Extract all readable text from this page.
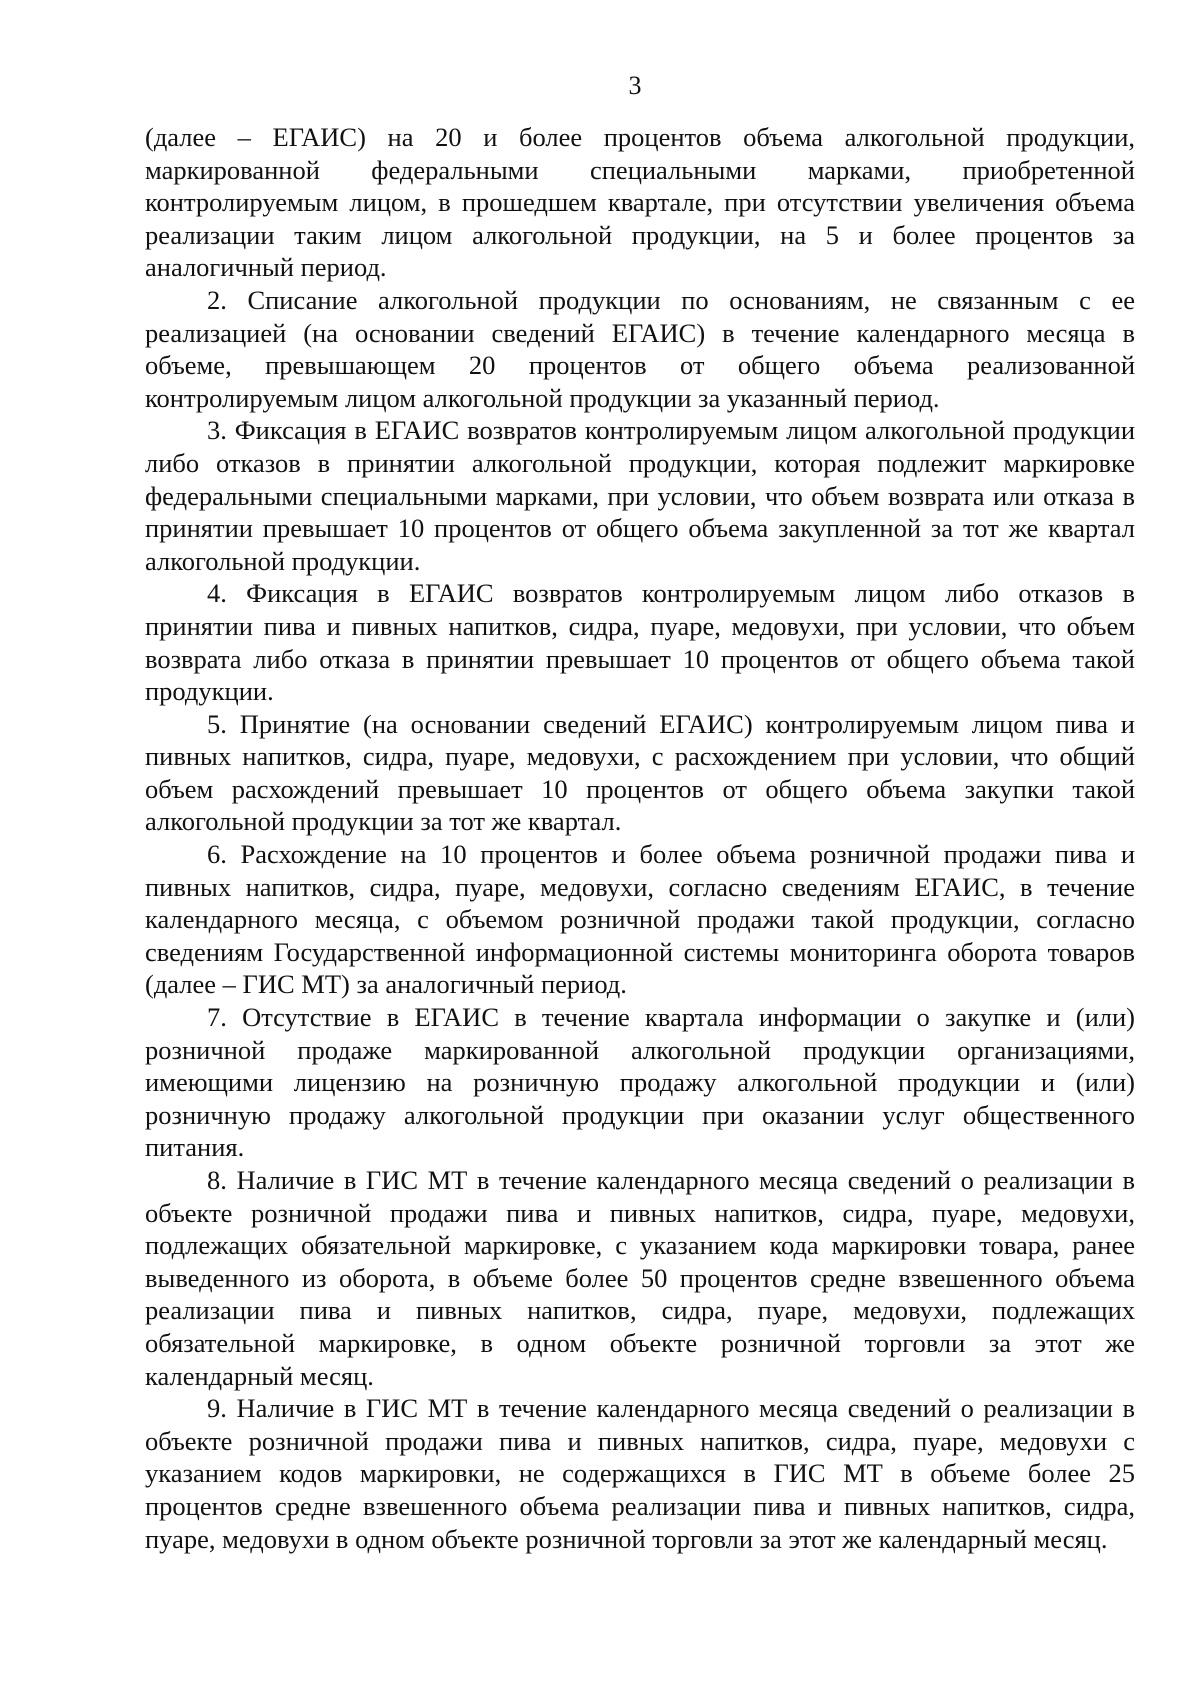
3

(далее – ЕГАИС) на 20 и более процентов объема алкогольной продукции, маркированной федеральными специальными марками, приобретенной контролируемым лицом, в прошедшем квартале, при отсутствии увеличения объема реализации таким лицом алкогольной продукции, на 5 и более процентов за аналогичный период.

2. Списание алкогольной продукции по основаниям, не связанным с ее реализацией (на основании сведений ЕГАИС) в течение календарного месяца в объеме, превышающем 20 процентов от общего объема реализованной контролируемым лицом алкогольной продукции за указанный период.

3. Фиксация в ЕГАИС возвратов контролируемым лицом алкогольной продукции либо отказов в принятии алкогольной продукции, которая подлежит маркировке федеральными специальными марками, при условии, что объем возврата или отказа в принятии превышает 10 процентов от общего объема закупленной за тот же квартал алкогольной продукции.

4. Фиксация в ЕГАИС возвратов контролируемым лицом либо отказов в принятии пива и пивных напитков, сидра, пуаре, медовухи, при условии, что объем возврата либо отказа в принятии превышает 10 процентов от общего объема такой продукции.

5. Принятие (на основании сведений ЕГАИС) контролируемым лицом пива и пивных напитков, сидра, пуаре, медовухи, с расхождением при условии, что общий объем расхождений превышает 10 процентов от общего объема закупки такой алкогольной продукции за тот же квартал.

6. Расхождение на 10 процентов и более объема розничной продажи пива и пивных напитков, сидра, пуаре, медовухи, согласно сведениям ЕГАИС, в течение календарного месяца, с объемом розничной продажи такой продукции, согласно сведениям Государственной информационной системы мониторинга оборота товаров (далее – ГИС МТ) за аналогичный период.

7. Отсутствие в ЕГАИС в течение квартала информации о закупке и (или) розничной продаже маркированной алкогольной продукции организациями, имеющими лицензию на розничную продажу алкогольной продукции и (или) розничную продажу алкогольной продукции при оказании услуг общественного питания.

8. Наличие в ГИС МТ в течение календарного месяца сведений о реализации в объекте розничной продажи пива и пивных напитков, сидра, пуаре, медовухи, подлежащих обязательной маркировке, с указанием кода маркировки товара, ранее выведенного из оборота, в объеме более 50 процентов средне взвешенного объема реализации пива и пивных напитков, сидра, пуаре, медовухи, подлежащих обязательной маркировке, в одном объекте розничной торговли за этот же календарный месяц.

9. Наличие в ГИС МТ в течение календарного месяца сведений о реализации в объекте розничной продажи пива и пивных напитков, сидра, пуаре, медовухи с указанием кодов маркировки, не содержащихся в ГИС МТ в объеме более 25 процентов средне взвешенного объема реализации пива и пивных напитков, сидра, пуаре, медовухи в одном объекте розничной торговли за этот же календарный месяц.
